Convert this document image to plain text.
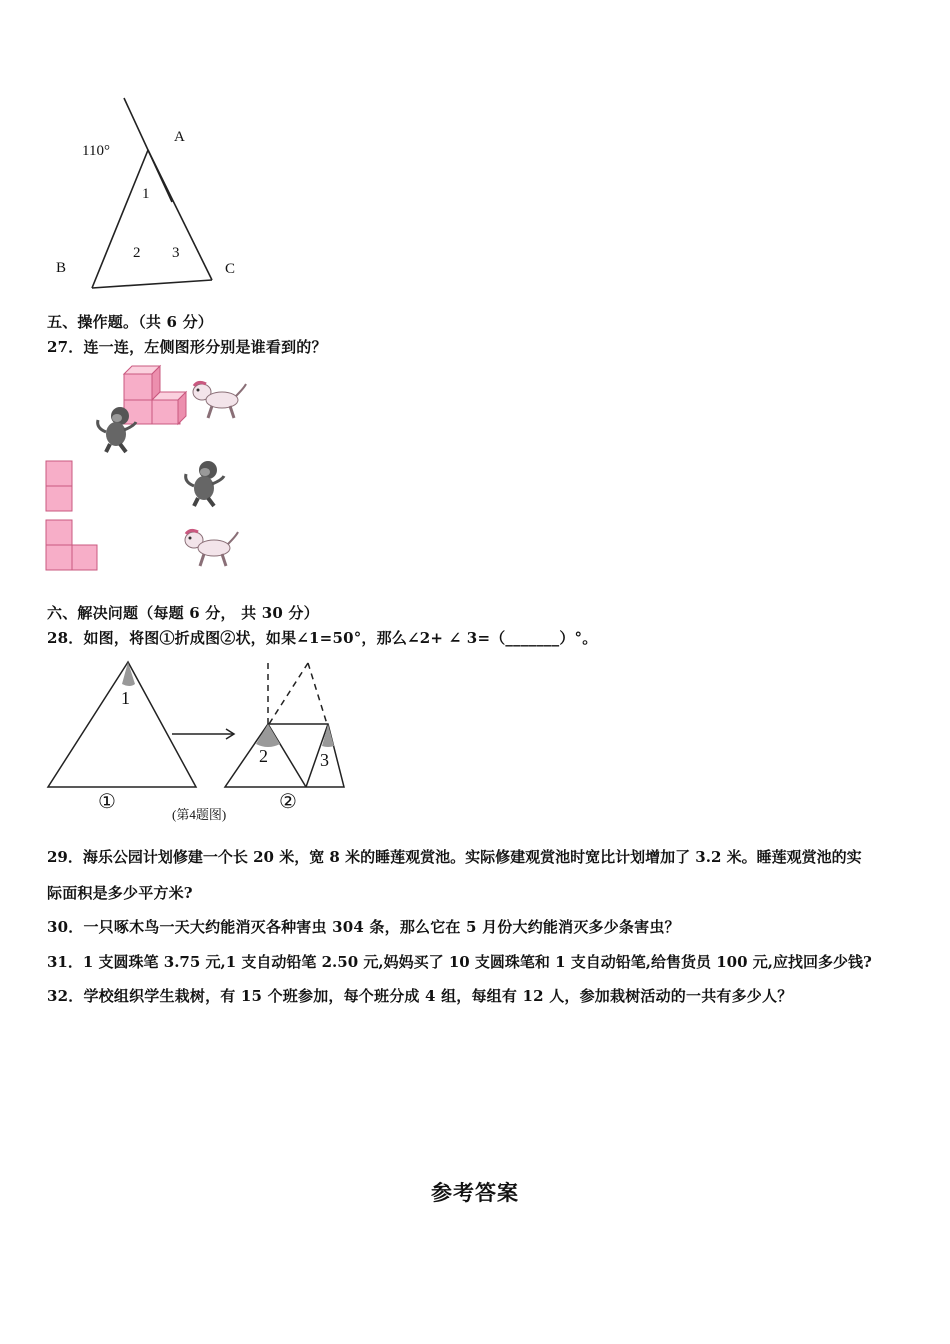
110°
A
B	C
1
2 3
五、操作题。（共 6 分）
27．连一连，左侧图形分别是谁看到的？
六、解决问题（每题 6 分， 共 30 分）
28．如图，将图①折成图②状，如果∠1=50°，那么∠2+ ∠ 3=（_______）°。
1
2	3
①	②
(第4题图)
29．海乐公园计划修建一个长 20 米，宽 8 米的睡莲观赏池。实际修建观赏池时宽比计划增加了 3.2 米。睡莲观赏池的实
际面积是多少平方米?
30．一只啄木鸟一天大约能消灭各种害虫 304 条，那么它在 5 月份大约能消灭多少条害虫？
31．1 支圆珠笔 3.75 元,1 支自动铅笔 2.50 元,妈妈买了 10 支圆珠笔和 1 支自动铅笔,给售货员 100 元,应找回多少钱?
32．学校组织学生栽树，有 15 个班参加，每个班分成 4 组，每组有 12 人，参加栽树活动的一共有多少人？
参考答案
